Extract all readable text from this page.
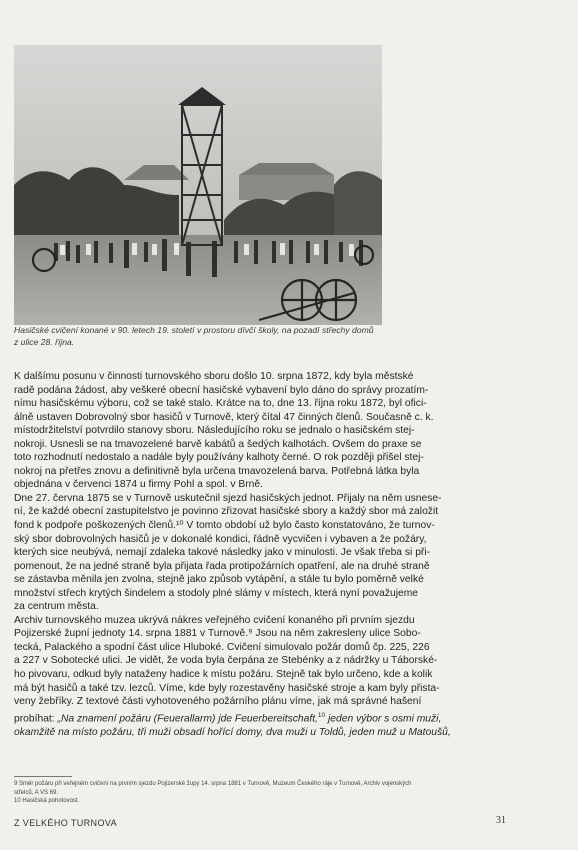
Hasičské cvičení konané v 90. letech 19. století v prostoru dívčí školy, na pozadí střechy domů
z ulice 28. října.
K dalšímu posunu v činnosti turnovského sboru došlo 10. srpna 1872, kdy byla městské
radě podána žádost, aby veškeré obecní hasičské vybavení bylo dáno do správy prozatím-
nímu hasičskému výboru, což se také stalo. Krátce na to, dne 13. října roku 1872, byl ofici-
álně ustaven Dobrovolný sbor hasičů v Turnově, který čítal 47 činných členů. Současně c. k.
místodržitelství potvrdilo stanovy sboru. Následujícího roku se jednalo o hasičském stej-
nokroji. Usnesli se na tmavozelené barvě kabátů a šedých kalhotách. Ovšem do praxe se
toto rozhodnutí nedostalo a nadále byly používány kalhoty černé. O rok později přišel stej-
nokroj na přetřes znovu a definitivně byla určena tmavozelená barva. Potřebná látka byla
objednána v červenci 1874 u firmy Pohl a spol. v Brně.
Dne 27. června 1875 se v Turnově uskutečnil sjezd hasičských jednot. Přijaly na něm usnese-
ní, že každé obecní zastupitelstvo je povinno zřizovat hasičské sbory a každý sbor má založit
fond k podpoře poškozených členů.¹⁰ V tomto období už bylo často konstatováno, že turnov-
ský sbor dobrovolných hasičů je v dokonalé kondici, řádně vycvičen i vybaven a že požáry,
kterých sice neubývá, nemají zdaleka takové následky jako v minulosti. Je však třeba si při-
pomenout, že na jedné straně byla přijata řada protipožárních opatření, ale na druhé straně
se zástavba měnila jen zvolna, stejně jako způsob vytápění, a stále tu bylo poměrně velké
množství střech krytých šindelem a stodoly plné slámy v místech, která nyní považujeme
za centrum města.
Archiv turnovského muzea ukrývá nákres veřejného cvičení konaného při prvním sjezdu
Pojizerské župní jednoty 14. srpna 1881 v Turnově.⁹ Jsou na něm zakresleny ulice Sobo-
tecká, Palackého a spodní část ulice Hluboké. Cvičení simulovalo požár domů čp. 225, 226
a 227 v Sobotecké ulici. Je vidět, že voda byla čerpána ze Stebénky a z nádržky u Táborské-
ho pivovaru, odkud byly nataženy hadice k místu požáru. Stejně tak bylo určeno, kde a kolik
má být hasičů a také tzv. lezců. Víme, kde byly rozestavěny hasičské stroje a kam byly přista-
veny žebříky. Z textové části vyhotoveného požárního plánu víme, jak má správné hašení
probíhat: „Na znamení požáru (Feuerallarm) jde Feuerbereitschaft,$^{10}$ jeden výbor s osmi muži,
okamžitě na místo požáru, tři muži obsadí hořící domy, dva muži u Toldů, jeden muž u Matoušů,
9 Směr požáru při veřejném cvičení na prvním sjezdu Pojizerské župy 14. srpna 1881 v Turnově, Muzeum Českého ráje v Turnově, Archiv vojenských
střelců, A VS 69.
10 Hasičská pohotovost.
Z VELKÉHO TURNOVA	31
